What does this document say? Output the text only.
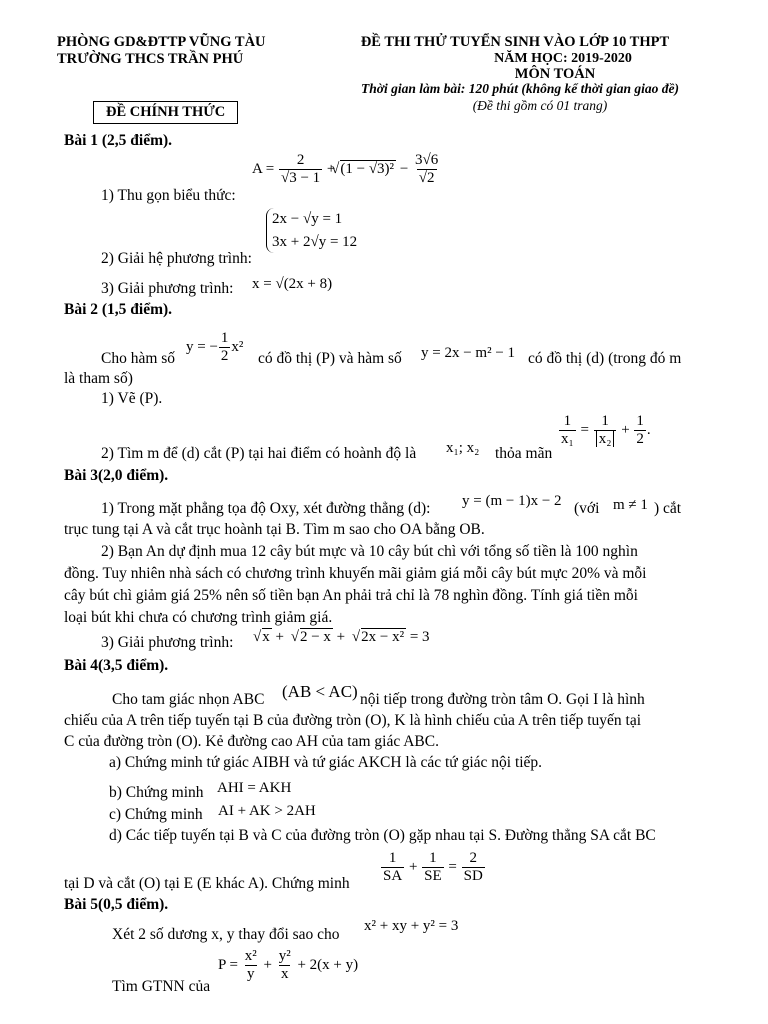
PHÒNG GD&ĐTTP VŨNG TÀU
TRƯỜNG THCS TRẦN PHÚ
ĐỀ THI THỬ TUYỂN SINH VÀO LỚP 10 THPT
NĂM HỌC: 2019-2020
MÔN TOÁN
Thời gian làm bài: 120 phút (không kể thời gian giao đề)
(Đề thi gồm có 01 trang)
ĐỀ CHÍNH THỨC
Bài 1 (2,5 điểm).
$A = \frac{2}{√3 - 1}$ + √ $(1 - √3)^2 - \frac{3√6}{√2}$
1) Thu gọn biểu thức:
2x − √y = 1
3x + 2√y = 12
2) Giải hệ phương trình:
3) Giải phương trình: x = √(2x + 8)
Bài 2 (1,5 điểm).
Cho hàm số
y = − $\frac{1}{2} x^2$
có đồ thị (P) và hàm số y = 2x − m² − 1 có đồ thị (d) (trong đó m
là tham số)
1) Vẽ (P).
2) Tìm m để (d) cắt (P) tại hai điểm có hoành độ là x₁; x₂ thỏa mãn
$\frac{1}{\text{x₁}} = \frac{1}{\text{x₂}} + \frac{1}{2}$ .
Bài 3(2,0 điểm).
1) Trong mặt phẳng tọa độ Oxy, xét đường thẳng (d): y = (m − 1)x − 2 (với m ≠ 1 ) cắt
trục tung tại A và cắt trục hoành tại B. Tìm m sao cho OA bằng OB.
2) Bạn An dự định mua 12 cây bút mực và 10 cây bút chì với tổng số tiền là 100 nghìn
đồng. Tuy nhiên nhà sách có chương trình khuyến mãi giảm giá mỗi cây bút mực 20% và mỗi
cây bút chì giảm giá 25% nên số tiền bạn An phải trả chỉ là 78 nghìn đồng. Tính giá tiền mỗi
loại bút khi chưa có chương trình giảm giá.
3) Giải phương trình:
√	x + √ 2 − x + √ 2x − x² = 3
Bài 4(3,5 điểm).
Cho tam giác nhọn ABC (AB < AC) nội tiếp trong đường tròn tâm O. Gọi I là hình
chiếu của A trên tiếp tuyến tại B của đường tròn (O), K là hình chiếu của A trên tiếp tuyến tại
C của đường tròn (O). Kẻ đường cao AH của tam giác ABC.
a) Chứng minh tứ giác AIBH và tứ giác AKCH là các tứ giác nội tiếp.
b) Chứng minh AHI = AKH
c) Chứng minh AI + AK > 2AH
d) Các tiếp tuyến tại B và C của đường tròn (O) gặp nhau tại S. Đường thẳng SA cắt BC
tại D và cắt (O) tại E (E khác A). Chứng minh $\frac{1}{SA} + \frac{1}{SE} = \frac{2}{SD}$
Bài 5(0,5 điểm).
Xét 2 số dương x, y thay đổi sao cho x² + xy + y² = 3
Tìm GTNN của
$P = \frac{\text{x²}}{y} + \frac{\text{y²}}{x} + 2(x + y)$
